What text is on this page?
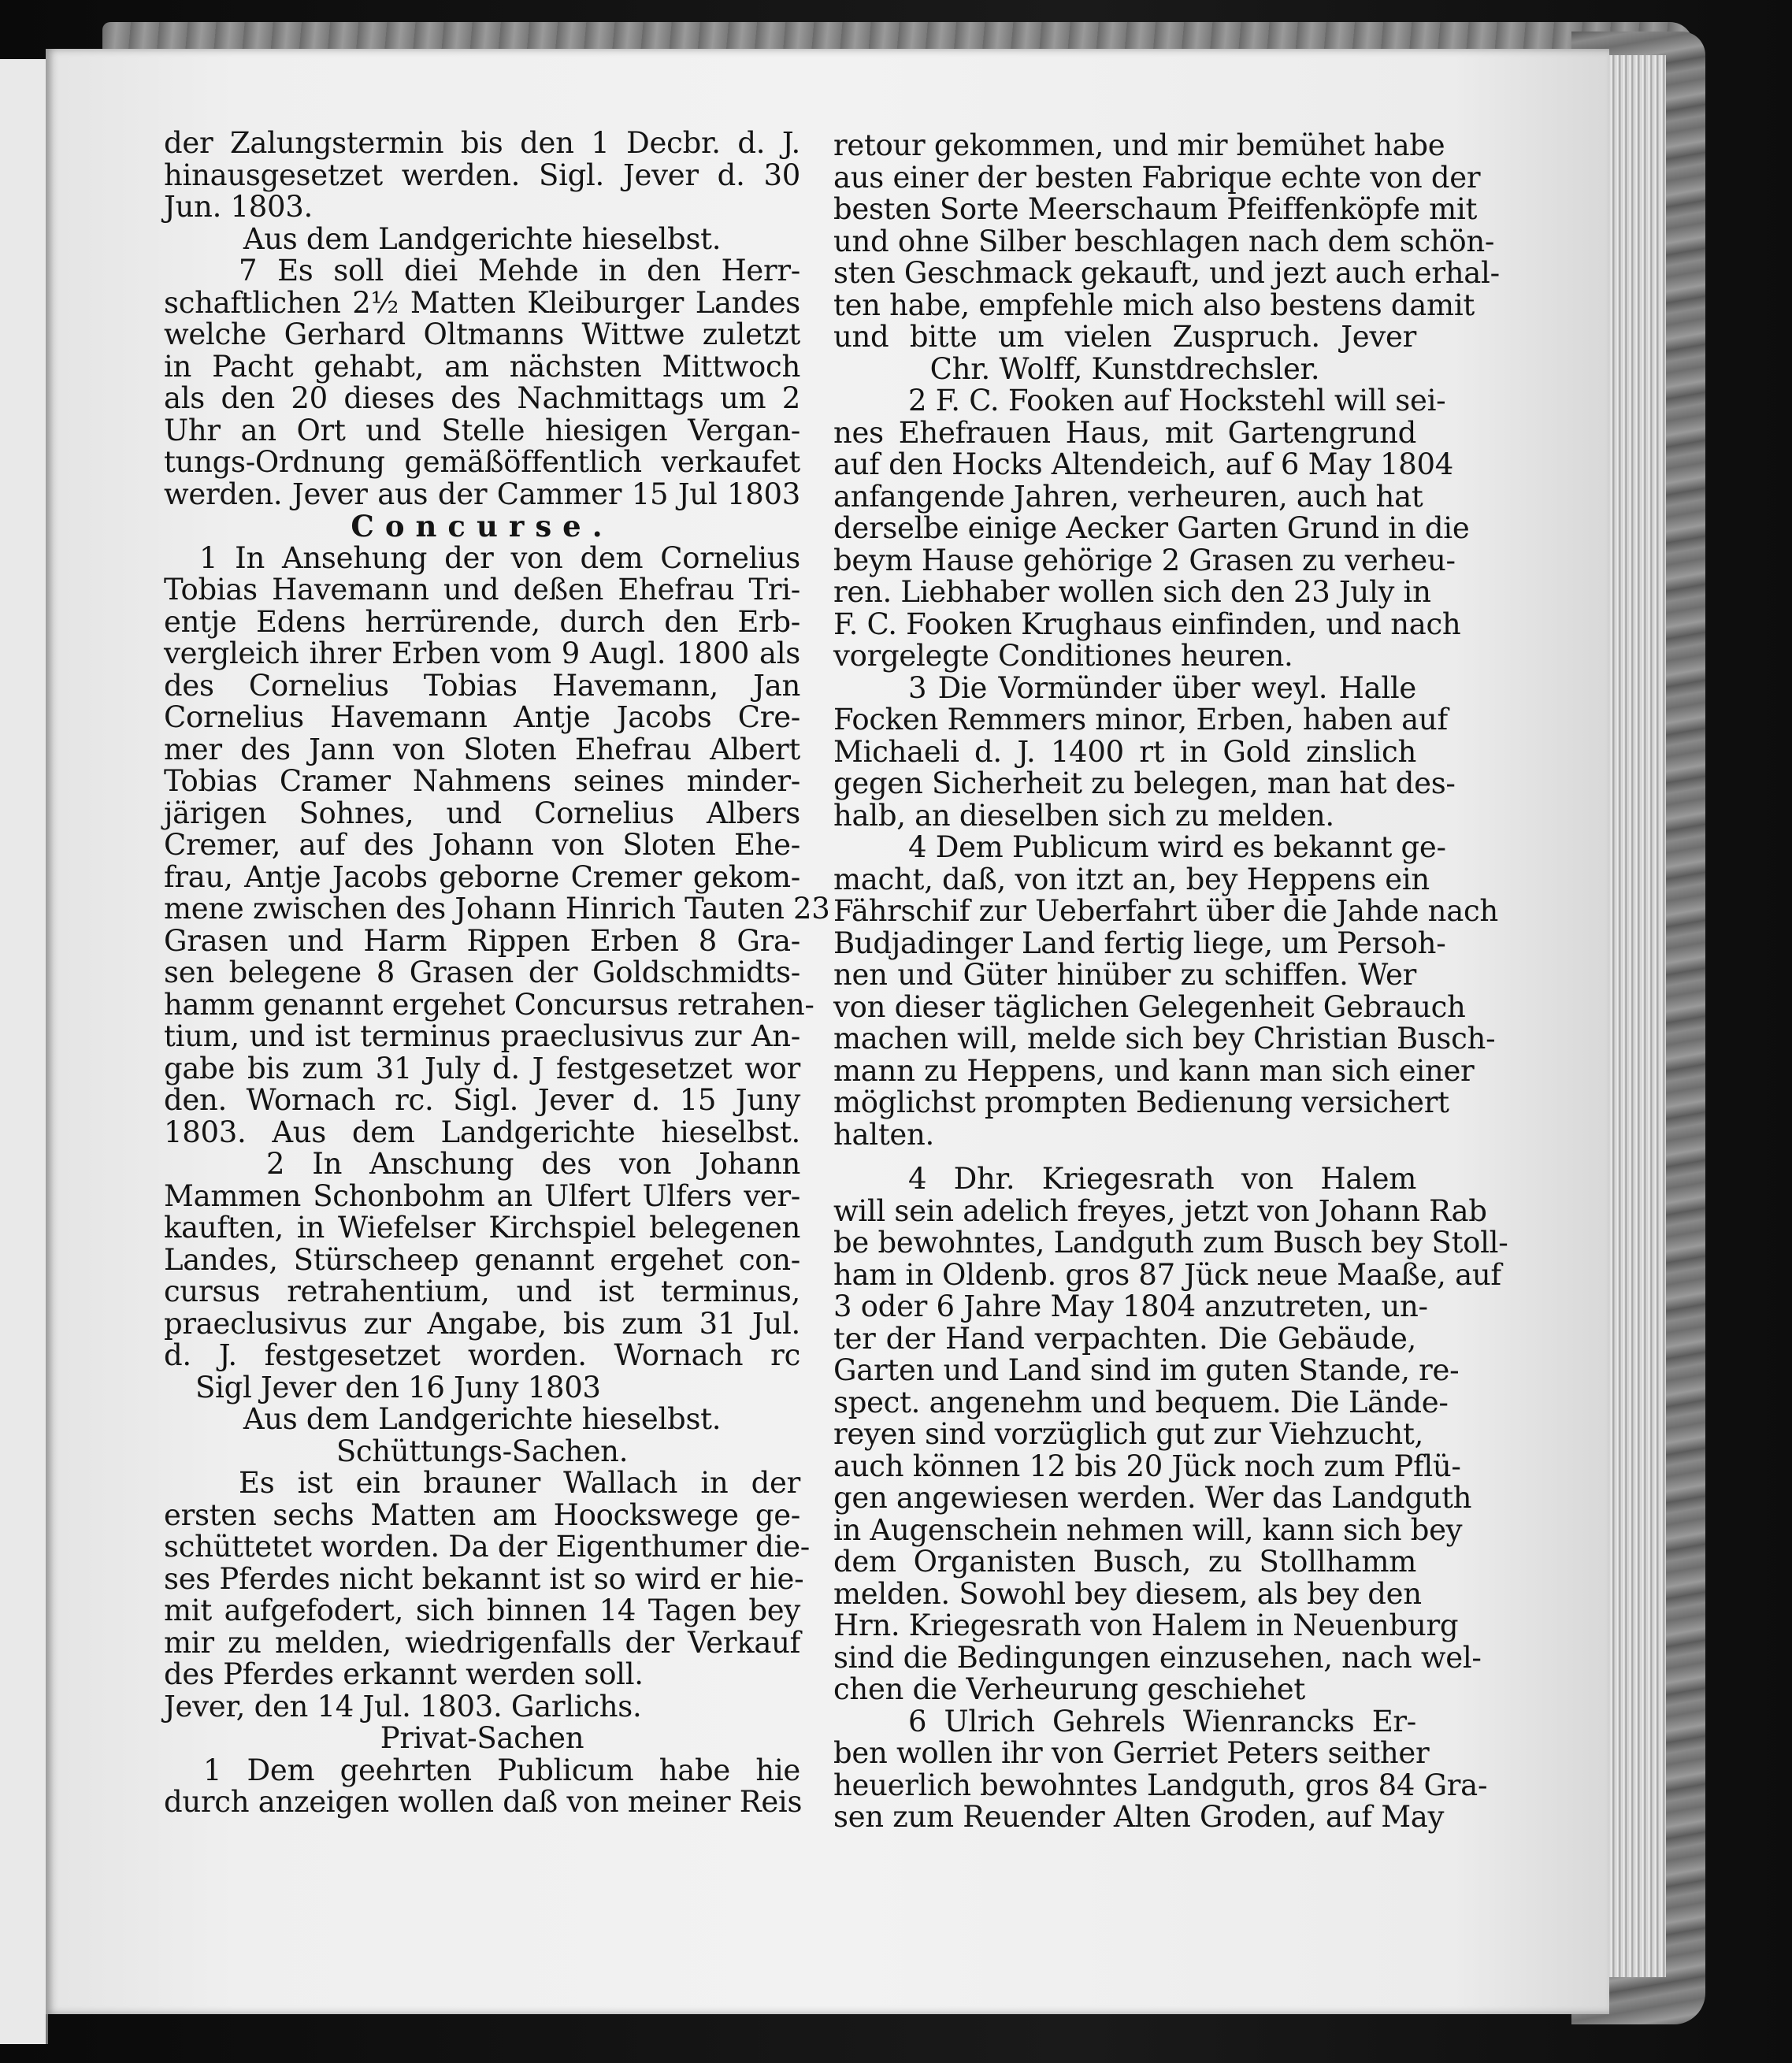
der Zalungstermin bis den 1 Decbr. d. J.
hinausgesetzet werden. Sigl. Jever d. 30
Jun. 1803.
Aus dem Landgerichte hieselbst.
7 Es soll diei Mehde in den Herr-
schaftlichen 2½ Matten Kleiburger Landes
welche Gerhard Oltmanns Wittwe zuletzt
in Pacht gehabt, am nächsten Mittwoch
als den 20 dieses des Nachmittags um 2
Uhr an Ort und Stelle hiesigen Vergan-
tungs-Ordnung gemäßöffentlich verkaufet
werden. Jever aus der Cammer 15 Jul 1803
Concurse.
1 In Ansehung der von dem Cornelius
Tobias Havemann und deßen Ehefrau Tri-
entje Edens herrürende, durch den Erb-
vergleich ihrer Erben vom 9 Augl. 1800 als
des Cornelius Tobias Havemann, Jan
Cornelius Havemann Antje Jacobs Cre-
mer des Jann von Sloten Ehefrau Albert
Tobias Cramer Nahmens seines minder-
järigen Sohnes, und Cornelius Albers
Cremer, auf des Johann von Sloten Ehe-
frau, Antje Jacobs geborne Cremer gekom-
mene zwischen des Johann Hinrich Tauten 23
Grasen und Harm Rippen Erben 8 Gra-
sen belegene 8 Grasen der Goldschmidts-
hamm genannt ergehet Concursus retrahen-
tium, und ist terminus praeclusivus zur An-
gabe bis zum 31 July d. J festgesetzet wor
den. Wornach rc. Sigl. Jever d. 15 Juny
1803. Aus dem Landgerichte hieselbst.
2 In Anschung des von Johann
Mammen Schonbohm an Ulfert Ulfers ver-
kauften, in Wiefelser Kirchspiel belegenen
Landes, Stürscheep genannt ergehet con-
cursus retrahentium, und ist terminus,
praeclusivus zur Angabe, bis zum 31 Jul.
d. J. festgesetzet worden. Wornach rc
Sigl Jever den 16 Juny 1803
Aus dem Landgerichte hieselbst.
Schüttungs-Sachen.
Es ist ein brauner Wallach in der
ersten sechs Matten am Hoockswege ge-
schüttetet worden. Da der Eigenthumer die-
ses Pferdes nicht bekannt ist so wird er hie-
mit aufgefodert, sich binnen 14 Tagen bey
mir zu melden, wiedrigenfalls der Verkauf
des Pferdes erkannt werden soll.
Jever, den 14 Jul. 1803. Garlichs.
Privat-Sachen
1 Dem geehrten Publicum habe hie
durch anzeigen wollen daß von meiner Reis
retour gekommen, und mir bemühet habe
aus einer der besten Fabrique echte von der
besten Sorte Meerschaum Pfeiffenköpfe mit
und ohne Silber beschlagen nach dem schön-
sten Geschmack gekauft, und jezt auch erhal-
ten habe, empfehle mich also bestens damit
und bitte um vielen Zuspruch. Jever
Chr. Wolff, Kunstdrechsler.
2 F. C. Fooken auf Hockstehl will sei-
nes Ehefrauen Haus, mit Gartengrund
auf den Hocks Altendeich, auf 6 May 1804
anfangende Jahren, verheuren, auch hat
derselbe einige Aecker Garten Grund in die
beym Hause gehörige 2 Grasen zu verheu-
ren. Liebhaber wollen sich den 23 July in
F. C. Fooken Krughaus einfinden, und nach
vorgelegte Conditiones heuren.
3 Die Vormünder über weyl. Halle
Focken Remmers minor, Erben, haben auf
Michaeli d. J. 1400 rt in Gold zinslich
gegen Sicherheit zu belegen, man hat des-
halb, an dieselben sich zu melden.
4 Dem Publicum wird es bekannt ge-
macht, daß, von itzt an, bey Heppens ein
Fährschif zur Ueberfahrt über die Jahde nach
Budjadinger Land fertig liege, um Persoh-
nen und Güter hinüber zu schiffen. Wer
von dieser täglichen Gelegenheit Gebrauch
machen will, melde sich bey Christian Busch-
mann zu Heppens, und kann man sich einer
möglichst prompten Bedienung versichert
halten.
4 Dhr. Kriegesrath von Halem
will sein adelich freyes, jetzt von Johann Rab
be bewohntes, Landguth zum Busch bey Stoll-
ham in Oldenb. gros 87 Jück neue Maaße, auf
3 oder 6 Jahre May 1804 anzutreten, un-
ter der Hand verpachten. Die Gebäude,
Garten und Land sind im guten Stande, re-
spect. angenehm und bequem. Die Lände-
reyen sind vorzüglich gut zur Viehzucht,
auch können 12 bis 20 Jück noch zum Pflü-
gen angewiesen werden. Wer das Landguth
in Augenschein nehmen will, kann sich bey
dem Organisten Busch, zu Stollhamm
melden. Sowohl bey diesem, als bey den
Hrn. Kriegesrath von Halem in Neuenburg
sind die Bedingungen einzusehen, nach wel-
chen die Verheurung geschiehet
6 Ulrich Gehrels Wienrancks Er-
ben wollen ihr von Gerriet Peters seither
heuerlich bewohntes Landguth, gros 84 Gra-
sen zum Reuender Alten Groden, auf May
